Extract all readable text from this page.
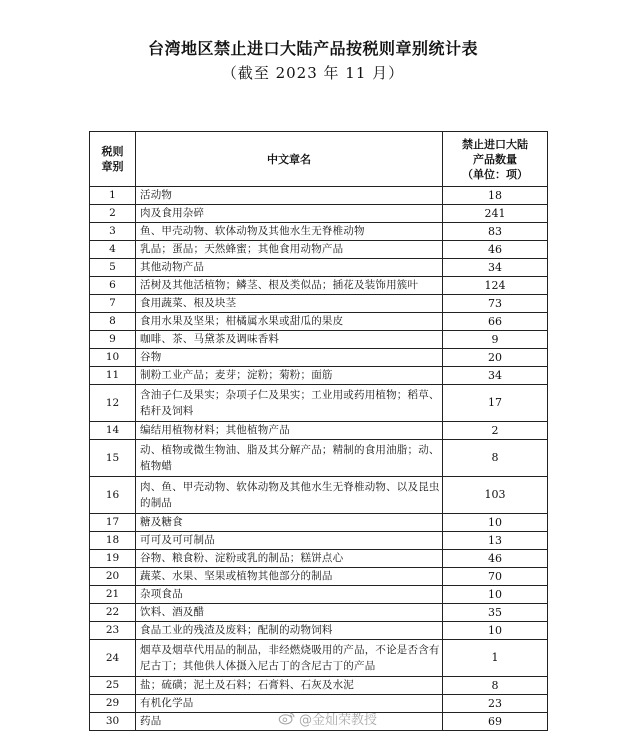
台湾地区禁止进口大陆产品按税则章别统计表
（截至 2023 年 11 月）
税则
章别	中文章名	禁止进口大陆
产品数量
（单位：项）
1	活动物	18
2	肉及食用杂碎	241
3	鱼、甲壳动物、软体动物及其他水生无脊椎动物	83
4	乳品；蛋品；天然蜂蜜；其他食用动物产品	46
5	其他动物产品	34
6	活树及其他活植物；鳞茎、根及类似品；插花及装饰用簇叶	124
7	食用蔬菜、根及块茎	73
8	食用水果及坚果；柑橘属水果或甜瓜的果皮	66
9	咖啡、茶、马黛茶及调味香料	9
10	谷物	20
11	制粉工业产品；麦芽；淀粉；菊粉；面筋	34
12	含油子仁及果实；杂项子仁及果实；工业用或药用植物；稻草、秸秆及饲料	17
14	编结用植物材料；其他植物产品	2
15	动、植物或微生物油、脂及其分解产品；精制的食用油脂；动、植物蜡	8
16	肉、鱼、甲壳动物、软体动物及其他水生无脊椎动物、以及昆虫的制品	103
17	糖及糖食	10
18	可可及可可制品	13
19	谷物、粮食粉、淀粉或乳的制品；糕饼点心	46
20	蔬菜、水果、坚果或植物其他部分的制品	70
21	杂项食品	10
22	饮料、酒及醋	35
23	食品工业的残渣及废料；配制的动物饲料	10
24	烟草及烟草代用品的制品，非经燃烧吸用的产品，不论是否含有尼古丁；其他供人体摄入尼古丁的含尼古丁的产品	1
25	盐；硫磺；泥土及石料；石膏料、石灰及水泥	8
29	有机化学品	23
30	药品	69
@金灿荣教授
